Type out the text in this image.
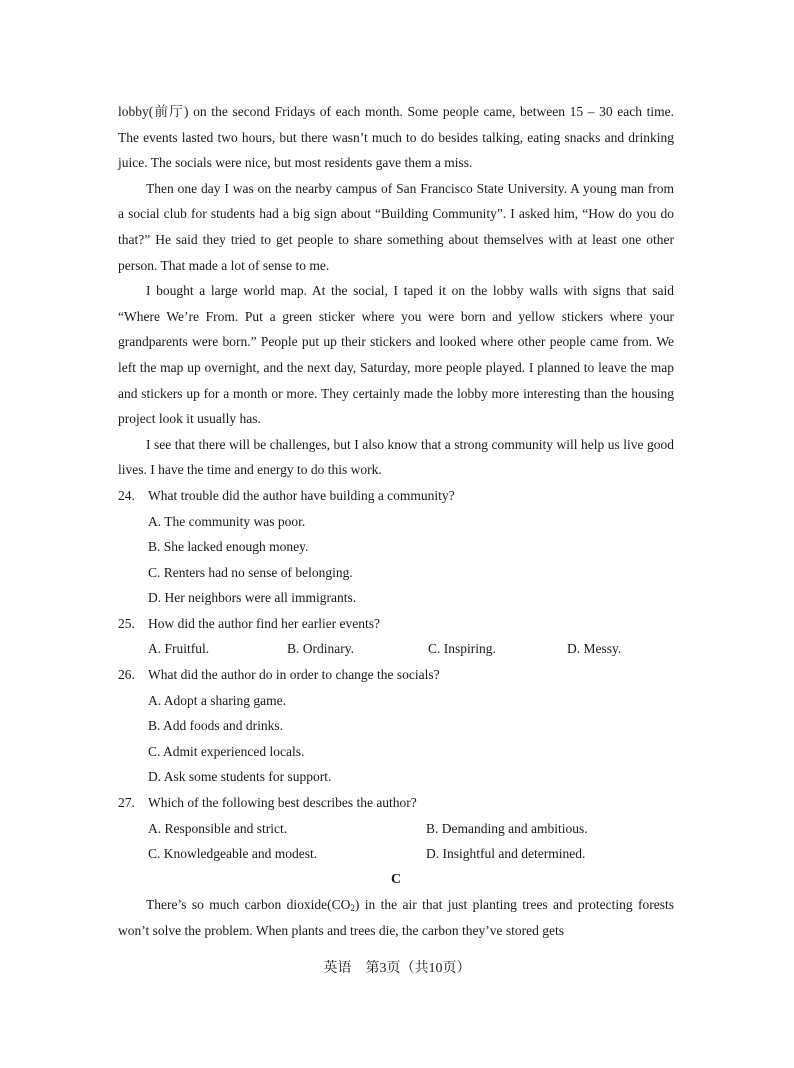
lobby(前厅) on the second Fridays of each month. Some people came, between 15 – 30 each time. The events lasted two hours, but there wasn’t much to do besides talking, eating snacks and drinking juice. The socials were nice, but most residents gave them a miss.

Then one day I was on the nearby campus of San Francisco State University. A young man from a social club for students had a big sign about “Building Community”. I asked him, “How do you do that?” He said they tried to get people to share something about themselves with at least one other person. That made a lot of sense to me.

I bought a large world map. At the social, I taped it on the lobby walls with signs that said “Where We’re From. Put a green sticker where you were born and yellow stickers where your grandparents were born.” People put up their stickers and looked where other people came from. We left the map up overnight, and the next day, Saturday, more people played. I planned to leave the map and stickers up for a month or more. They certainly made the lobby more interesting than the housing project look it usually has.

I see that there will be challenges, but I also know that a strong community will help us live good lives. I have the time and energy to do this work.

24. What trouble did the author have building a community?
A. The community was poor.
B. She lacked enough money.
C. Renters had no sense of belonging.
D. Her neighbors were all immigrants.
25. How did the author find her earlier events?
A. Fruitful.	B. Ordinary.	C. Inspiring.	D. Messy.
26. What did the author do in order to change the socials?
A. Adopt a sharing game.
B. Add foods and drinks.
C. Admit experienced locals.
D. Ask some students for support.
27. Which of the following best describes the author?
A. Responsible and strict.	B. Demanding and ambitious.
C. Knowledgeable and modest.	D. Insightful and determined.

C

There’s so much carbon $dioxide(CO_2)$ in the air that just planting trees and protecting forests won’t solve the problem. When plants and trees die, the carbon they’ve stored gets

英语　第3页（共10页）
